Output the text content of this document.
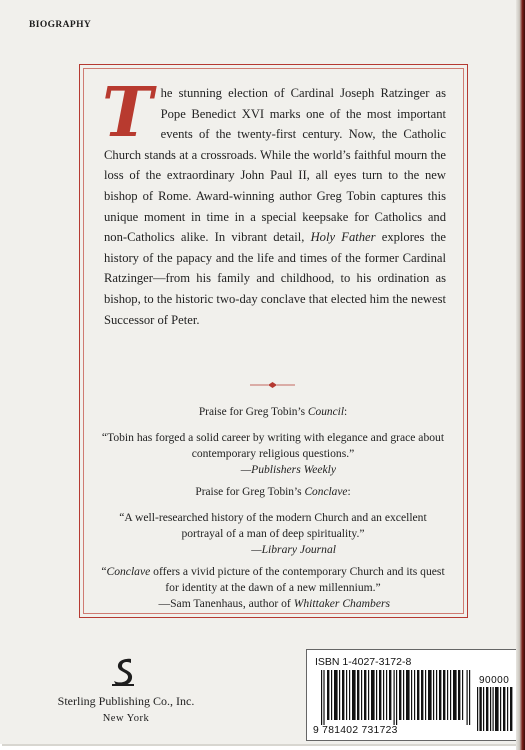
BIOGRAPHY
T he stunning election of Cardinal Joseph Ratzinger as Pope Benedict XVI marks one of the most important events of the twenty-first century. Now, the Catholic Church stands at a crossroads. While the world’s faithful mourn the loss of the extraordinary John Paul II, all eyes turn to the new bishop of Rome. Award-winning author Greg Tobin captures this unique moment in time in a special keepsake for Catholics and non-Catholics alike. In vibrant detail, Holy Father explores the history of the papacy and the life and times of the former Cardinal Ratzinger—from his family and childhood, to his ordination as bishop, to the historic two-day conclave that elected him the newest Successor of Peter.

Praise for Greg Tobin’s Council:
“Tobin has forged a solid career by writing with elegance and grace about contemporary religious questions.”
—Publishers Weekly
Praise for Greg Tobin’s Conclave:
“A well-researched history of the modern Church and an excellent portrayal of a man of deep spirituality.”
—Library Journal
“Conclave offers a vivid picture of the contemporary Church and its quest for identity at the dawn of a new millennium.”
—Sam Tanenhaus, author of Whittaker Chambers
Sterling Publishing Co., Inc.
New York
ISBN 1-4027-3172-8
90000
9 781402 731723
